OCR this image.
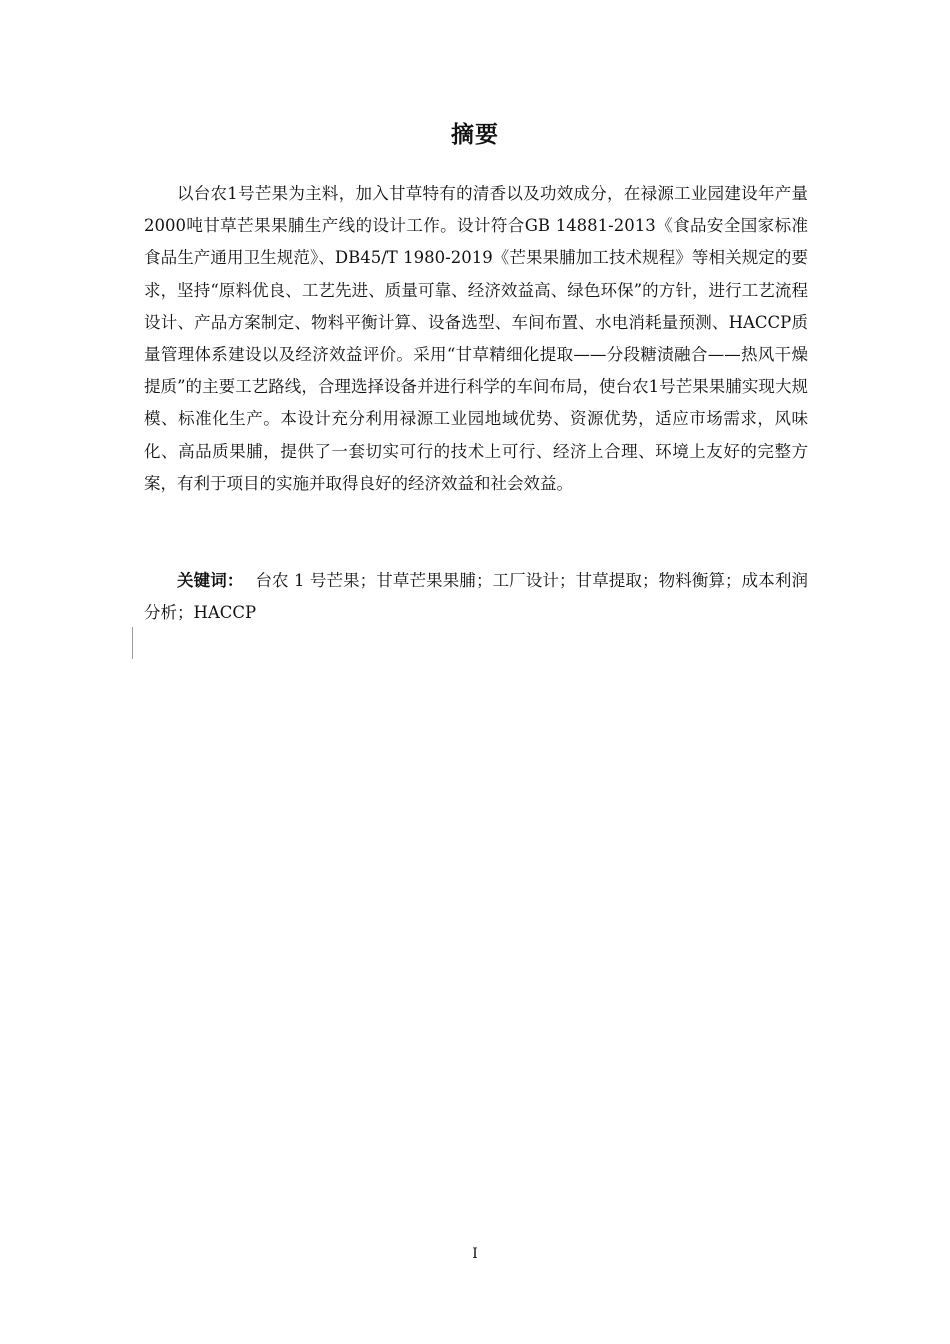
摘要

以台农1号芒果为主料，加入甘草特有的清香以及功效成分，在禄源工业园建设年产量2000吨甘草芒果果脯生产线的设计工作。设计符合GB 14881-2013《食品安全国家标准食品生产通用卫生规范》、DB45/T 1980-2019《芒果果脯加工技术规程》等相关规定的要求，坚持“原料优良、工艺先进、质量可靠、经济效益高、绿色环保”的方针，进行工艺流程设计、产品方案制定、物料平衡计算、设备选型、车间布置、水电消耗量预测、HACCP质量管理体系建设以及经济效益评价。采用“甘草精细化提取——分段糖渍融合——热风干燥提质”的主要工艺路线，合理选择设备并进行科学的车间布局，使台农1号芒果果脯实现大规模、标准化生产。本设计充分利用禄源工业园地域优势、资源优势，适应市场需求，风味化、高品质果脯，提供了一套切实可行的技术上可行、经济上合理、环境上友好的完整方案，有利于项目的实施并取得良好的经济效益和社会效益。

关键词： 台农 1 号芒果；甘草芒果果脯；工厂设计；甘草提取；物料衡算；成本利润分析；HACCP

I
